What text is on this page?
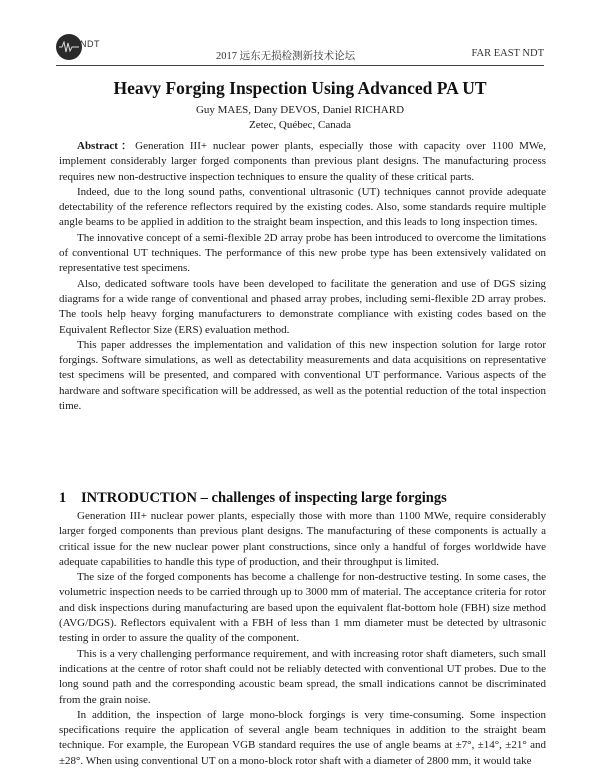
NDT
2017 远东无损检测新技术论坛	FAR EAST NDT
Heavy Forging Inspection Using Advanced PA UT
Guy MAES, Dany DEVOS, Daniel RICHARD
Zetec, Québec, Canada

Abstract：Generation III+ nuclear power plants, especially those with capacity over 1100 MWe, implement considerably larger forged components than previous plant designs. The manufacturing process requires new non-destructive inspection techniques to ensure the quality of these critical parts.

Indeed, due to the long sound paths, conventional ultrasonic (UT) techniques cannot provide adequate detectability of the reference reflectors required by the existing codes. Also, some standards require multiple angle beams to be applied in addition to the straight beam inspection, and this leads to long inspection times.

The innovative concept of a semi-flexible 2D array probe has been introduced to overcome the limitations of conventional UT techniques. The performance of this new probe type has been extensively validated on representative test specimens.

Also, dedicated software tools have been developed to facilitate the generation and use of DGS sizing diagrams for a wide range of conventional and phased array probes, including semi-flexible 2D array probes. The tools help heavy forging manufacturers to demonstrate compliance with existing codes based on the Equivalent Reflector Size (ERS) evaluation method.

This paper addresses the implementation and validation of this new inspection solution for large rotor forgings. Software simulations, as well as detectability measurements and data acquisitions on representative test specimens will be presented, and compared with conventional UT performance. Various aspects of the hardware and software specification will be addressed, as well as the potential reduction of the total inspection time.

1 INTRODUCTION – challenges of inspecting large forgings

Generation III+ nuclear power plants, especially those with more than 1100 MWe, require considerably larger forged components than previous plant designs. The manufacturing of these components is actually a critical issue for the new nuclear power plant constructions, since only a handful of forges worldwide have adequate capabilities to handle this type of production, and their throughput is limited.

The size of the forged components has become a challenge for non-destructive testing. In some cases, the volumetric inspection needs to be carried through up to 3000 mm of material. The acceptance criteria for rotor and disk inspections during manufacturing are based upon the equivalent flat-bottom hole (FBH) size method (AVG/DGS). Reflectors equivalent with a FBH of less than 1 mm diameter must be detected by ultrasonic testing in order to assure the quality of the component.

This is a very challenging performance requirement, and with increasing rotor shaft diameters, such small indications at the centre of rotor shaft could not be reliably detected with conventional UT probes. Due to the long sound path and the corresponding acoustic beam spread, the small indications cannot be discriminated from the grain noise.

In addition, the inspection of large mono-block forgings is very time-consuming. Some inspection specifications require the application of several angle beam techniques in addition to the straight beam technique. For example, the European VGB standard requires the use of angle beams at ±7°, ±14°, ±21° and ±28°. When using conventional UT on a mono-block rotor shaft with a diameter of 2800 mm, it would take
